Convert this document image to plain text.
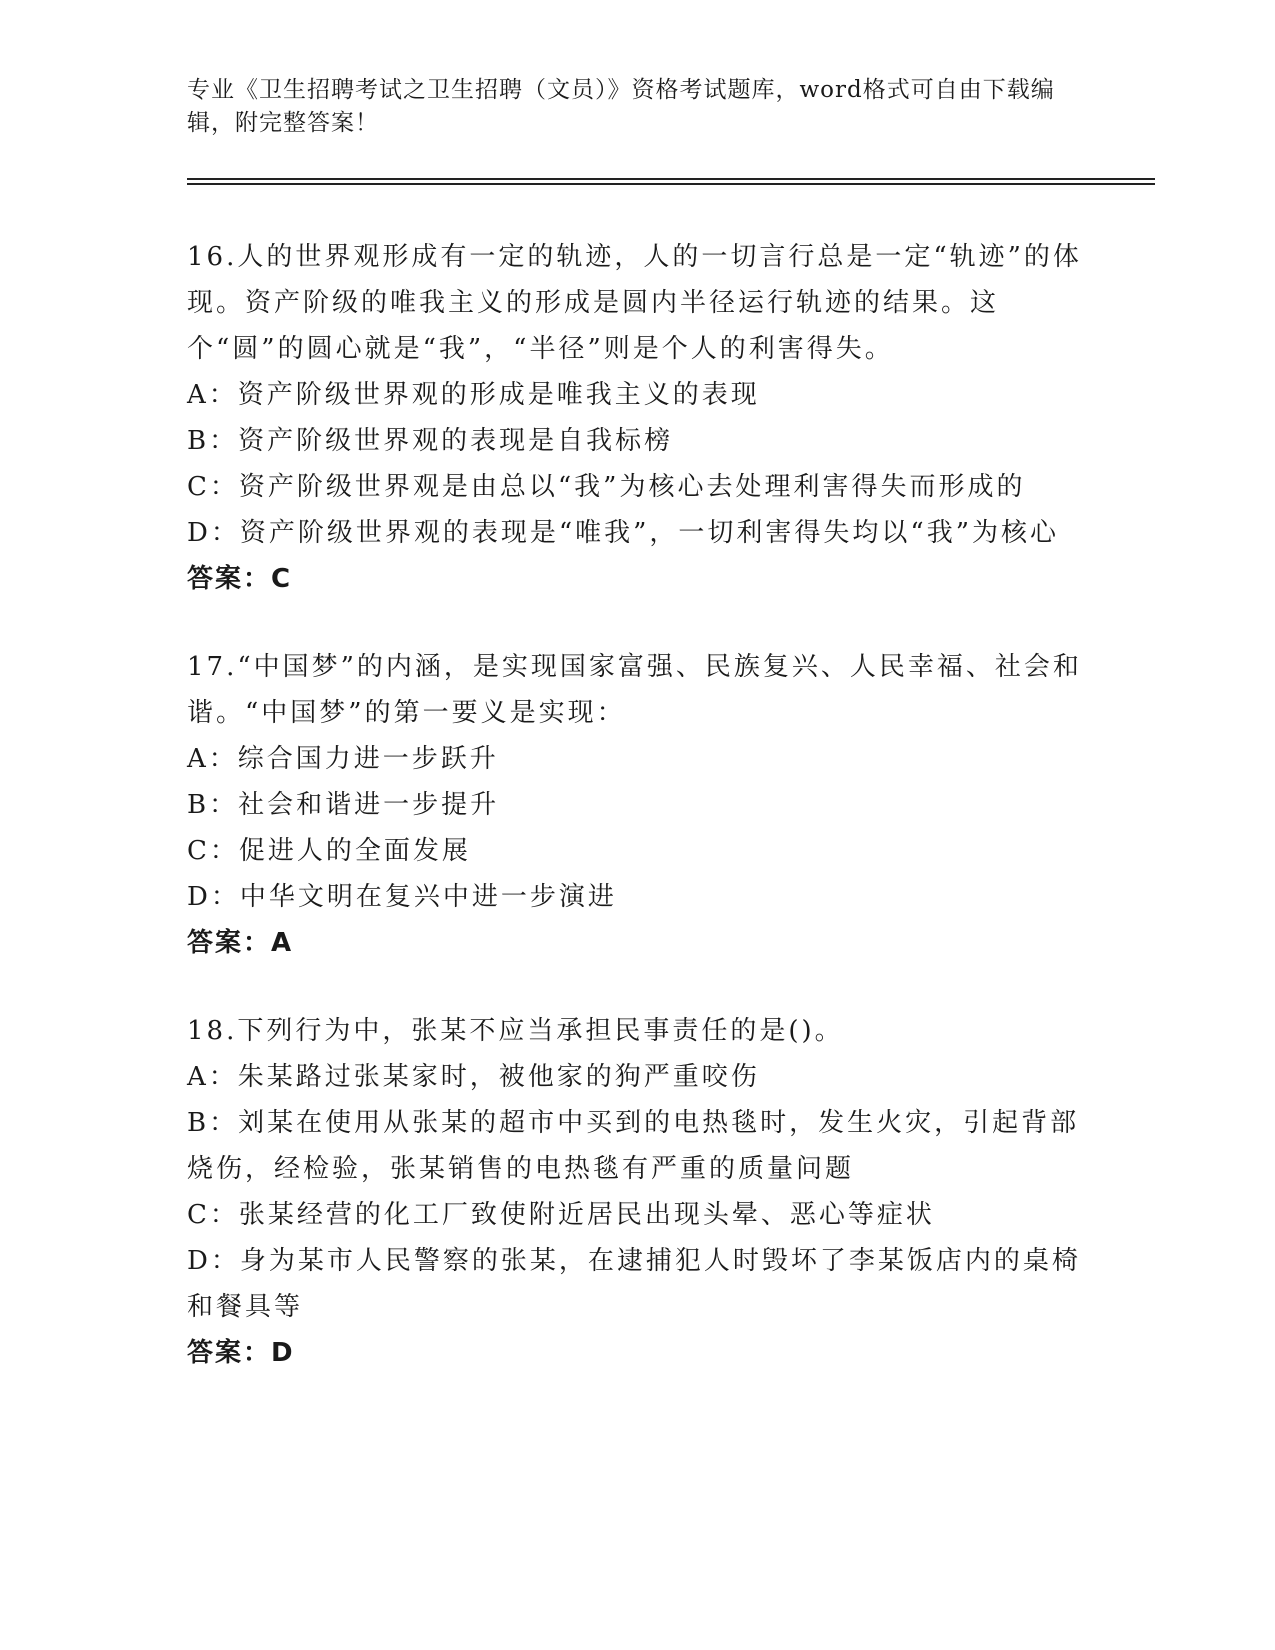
专业《卫生招聘考试之卫生招聘（文员）》资格考试题库，word格式可自由下载编辑，附完整答案！

16.人的世界观形成有一定的轨迹，人的一切言行总是一定“轨迹”的体现。资产阶级的唯我主义的形成是圆内半径运行轨迹的结果。这个“圆”的圆心就是“我”，“半径”则是个人的利害得失。

A：资产阶级世界观的形成是唯我主义的表现

B：资产阶级世界观的表现是自我标榜

C：资产阶级世界观是由总以“我”为核心去处理利害得失而形成的

D：资产阶级世界观的表现是“唯我”，一切利害得失均以“我”为核心

答案：C

17.“中国梦”的内涵，是实现国家富强、民族复兴、人民幸福、社会和谐。“中国梦”的第一要义是实现：

A：综合国力进一步跃升

B：社会和谐进一步提升

C：促进人的全面发展

D：中华文明在复兴中进一步演进

答案：A

18.下列行为中，张某不应当承担民事责任的是()。

A：朱某路过张某家时，被他家的狗严重咬伤

B：刘某在使用从张某的超市中买到的电热毯时，发生火灾，引起背部烧伤，经检验，张某销售的电热毯有严重的质量问题

C：张某经营的化工厂致使附近居民出现头晕、恶心等症状

D：身为某市人民警察的张某，在逮捕犯人时毁坏了李某饭店内的桌椅和餐具等

答案：D
